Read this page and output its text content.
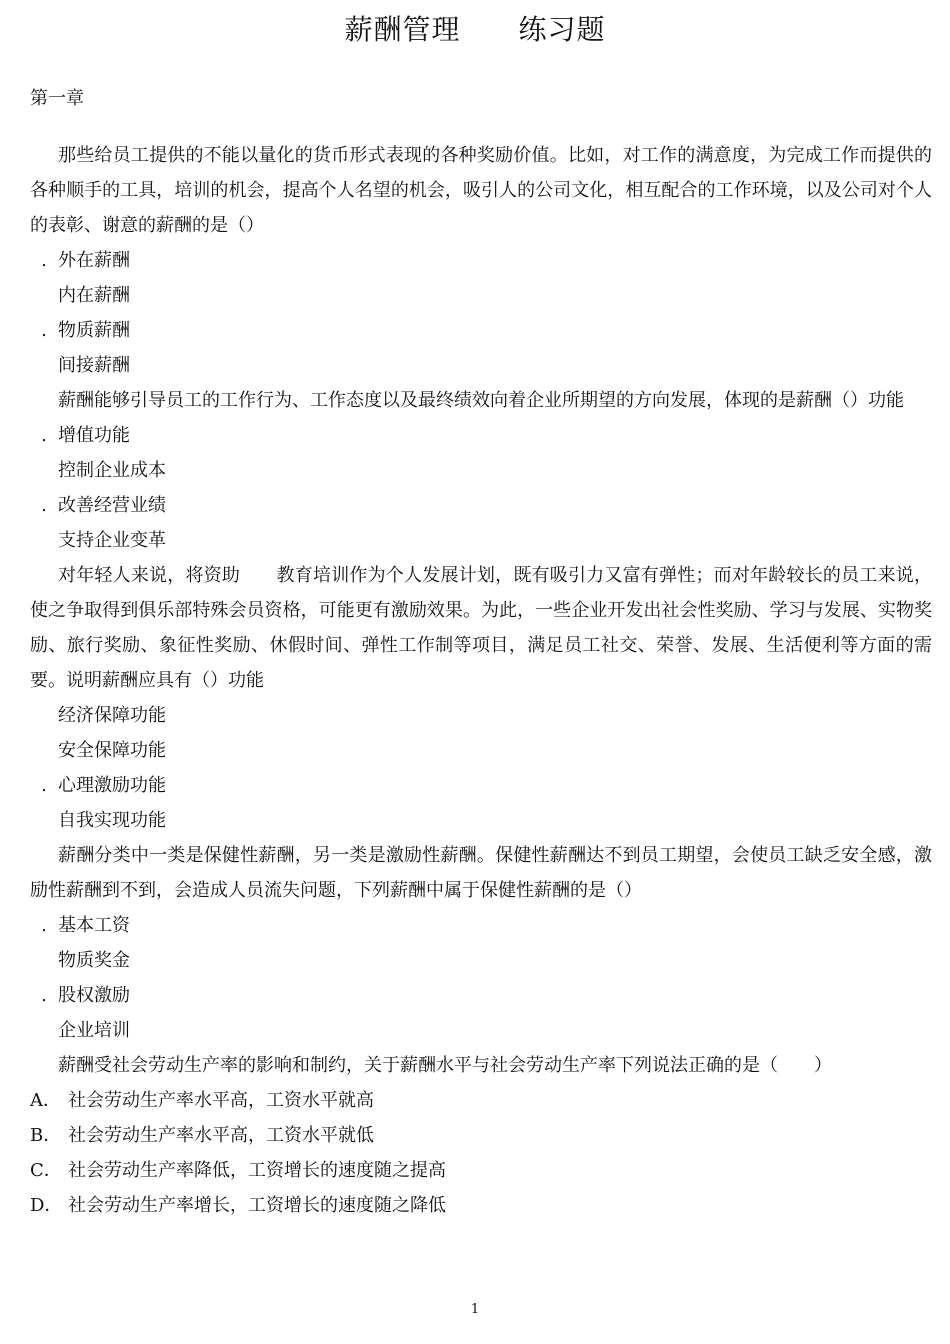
薪酬管理　　练习题
第一章
那些给员工提供的不能以量化的货币形式表现的各种奖励价值。比如，对工作的满意度，为完成工作而提供的各种顺手的工具，培训的机会，提高个人名望的机会，吸引人的公司文化，相互配合的工作环境，以及公司对个人的表彰、谢意的薪酬的是（）
. 外在薪酬
内在薪酬
. 物质薪酬
间接薪酬
薪酬能够引导员工的工作行为、工作态度以及最终绩效向着企业所期望的方向发展，体现的是薪酬（）功能
. 增值功能
控制企业成本
. 改善经营业绩
支持企业变革
对年轻人来说，将资助　　教育培训作为个人发展计划，既有吸引力又富有弹性；而对年龄较长的员工来说，使之争取得到俱乐部特殊会员资格，可能更有激励效果。为此，一些企业开发出社会性奖励、学习与发展、实物奖励、旅行奖励、象征性奖励、休假时间、弹性工作制等项目，满足员工社交、荣誉、发展、生活便利等方面的需要。说明薪酬应具有（）功能
经济保障功能
安全保障功能
. 心理激励功能
自我实现功能
薪酬分类中一类是保健性薪酬，另一类是激励性薪酬。保健性薪酬达不到员工期望，会使员工缺乏安全感，激励性薪酬到不到，会造成人员流失问题，下列薪酬中属于保健性薪酬的是（）
. 基本工资
物质奖金
. 股权激励
企业培训
薪酬受社会劳动生产率的影响和制约，关于薪酬水平与社会劳动生产率下列说法正确的是（　　）
A． 社会劳动生产率水平高，工资水平就高
B． 社会劳动生产率水平高，工资水平就低
C． 社会劳动生产率降低，工资增长的速度随之提高
D． 社会劳动生产率增长，工资增长的速度随之降低
1
